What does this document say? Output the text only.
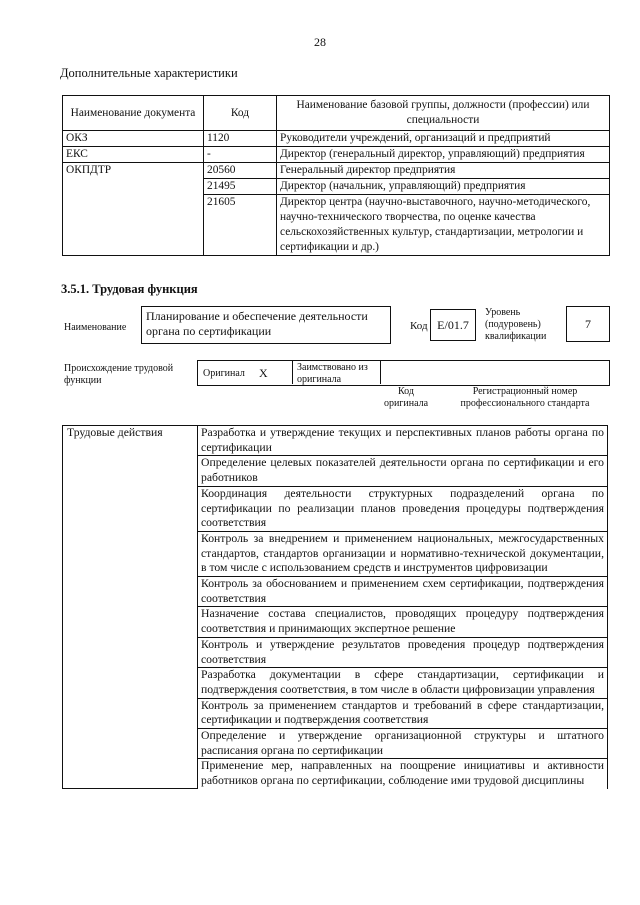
28
Дополнительные характеристики
Наименование документа	Код	Наименование базовой группы, должности (профессии) или специальности
ОКЗ	1120	Руководители учреждений, организаций и предприятий
ЕКС	-	Директор (генеральный директор, управляющий) предприятия
ОКПДТР	20560	Генеральный директор предприятия
	21495	Директор (начальник, управляющий) предприятия
	21605	Директор центра (научно-выставочного, научно-методического, научно-технического творчества, по оценке качества сельскохозяйственных культур, стандартизации, метрологии и сертификации и др.)
3.5.1. Трудовая функция
Наименование
Планирование и обеспечение деятельности органа по сертификации	Код E/01.7
Уровень (подуровень) квалификации
7
Происхождение трудовой функции
Оригинал X	Заимствовано из оригинала
Код оригинала
Регистрационный номер профессионального стандарта
Трудовые действия	Разработка и утверждение текущих и перспективных планов работы органа по сертификации
Определение целевых показателей деятельности органа по сертификации и его работников
Координация деятельности структурных подразделений органа по сертификации по реализации планов проведения процедуры подтверждения соответствия
Контроль за внедрением и применением национальных, межгосударственных стандартов, стандартов организации и нормативно-технической документации, в том числе с использованием средств и инструментов цифровизации
Контроль за обоснованием и применением схем сертификации, подтверждения соответствия
Назначение состава специалистов, проводящих процедуру подтверждения соответствия и принимающих экспертное решение
Контроль и утверждение результатов проведения процедур подтверждения соответствия
Разработка документации в сфере стандартизации, сертификации и подтверждения соответствия, в том числе в области цифровизации управления
Контроль за применением стандартов и требований в сфере стандартизации, сертификации и подтверждения соответствия
Определение и утверждение организационной структуры и штатного расписания органа по сертификации
Применение мер, направленных на поощрение инициативы и активности работников органа по сертификации, соблюдение ими трудовой дисциплины
